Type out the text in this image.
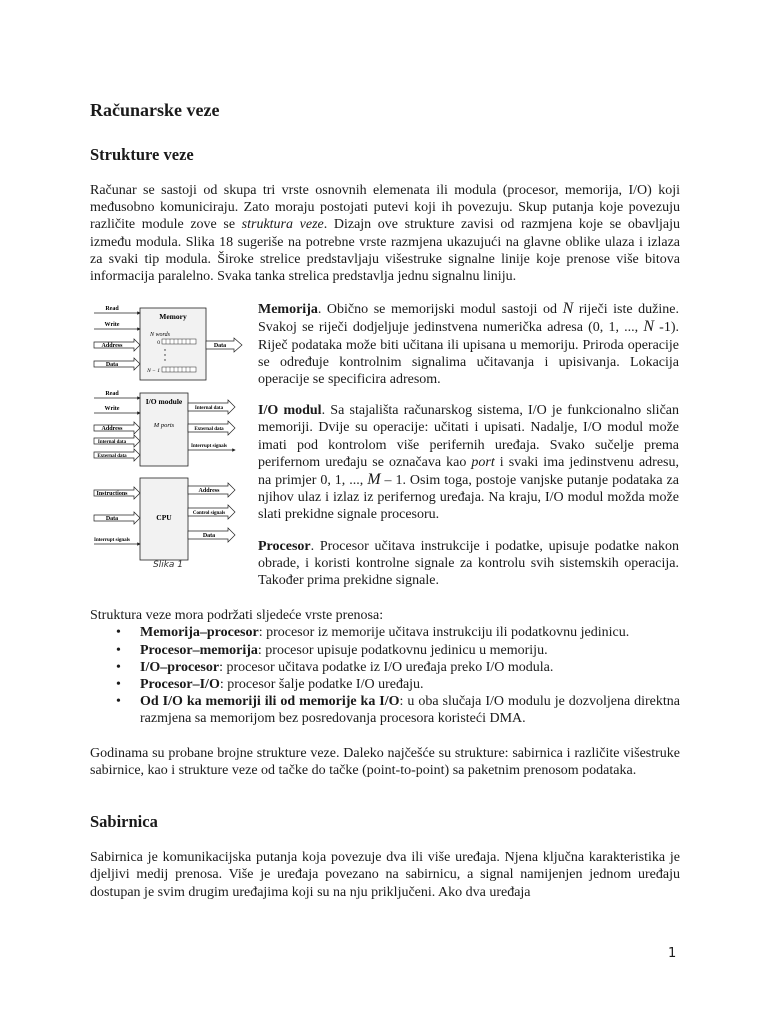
Računarske veze
Strukture veze

Računar se sastoji od skupa tri vrste osnovnih elemenata ili modula (procesor, memorija, I/O) koji međusobno komuniciraju. Zato moraju postojati putevi koji ih povezuju. Skup putanja koje povezuju različite module zove se struktura veze. Dizajn ove strukture zavisi od razmjena koje se obavljaju između modula. Slika 18 sugeriše na potrebne vrste razmjena ukazujući na glavne oblike ulaza i izlaza za svaki tip modula. Široke strelice predstavljaju višestruke signalne linije koje prenose više bitova informacija paralelno. Svaka tanka strelica predstavlja jednu signalnu liniju.

Memory
Read
Write
Address
Data
N words
0
N − 1
Data
I/O module
M ports
Read
Write
Address
Internal data
External data
Internal data
External data
Interrupt signals
CPU
Instructions
Data
Interrupt signals
Address
Control signals
Data
Slika 1

Memorija. Obično se memorijski modul sastoji od N riječi iste dužine. Svakoj se riječi dodjeljuje jedinstvena numerička adresa (0, 1, ..., N -1). Riječ podataka može biti učitana ili upisana u memoriju. Priroda operacije se određuje kontrolnim signalima učitavanja i upisivanja. Lokacija operacije se specificira adresom.

I/O modul. Sa stajališta računarskog sistema, I/O je funkcionalno sličan memoriji. Dvije su operacije: učitati i upisati. Nadalje, I/O modul može imati pod kontrolom više perifernih uređaja. Svako sučelje prema perifernom uređaju se označava kao port i svaki ima jedinstvenu adresu, na primjer 0, 1, ..., M – 1. Osim toga, postoje vanjske putanje podataka za njihov ulaz i izlaz iz perifernog uređaja. Na kraju, I/O modul možda može slati prekidne signale procesoru.

Procesor. Procesor učitava instrukcije i podatke, upisuje podatke nakon obrade, i koristi kontrolne signale za kontrolu svih sistemskih operacija. Također prima prekidne signale.

Struktura veze mora podržati sljedeće vrste prenosa:

• Memorija–procesor: procesor iz memorije učitava instrukciju ili podatkovnu jedinicu.
• Procesor–memorija: procesor upisuje podatkovnu jedinicu u memoriju.
• I/O–procesor: procesor učitava podatke iz I/O uređaja preko I/O modula.
• Procesor–I/O: procesor šalje podatke I/O uređaju.
• Od I/O ka memoriji ili od memorije ka I/O: u oba slučaja I/O modulu je dozvoljena direktna razmjena sa memorijom bez posredovanja procesora koristeći DMA.

Godinama su probane brojne strukture veze. Daleko najčešće su strukture: sabirnica i različite višestruke sabirnice, kao i strukture veze od tačke do tačke (point-to-point) sa paketnim prenosom podataka.

Sabirnica

Sabirnica je komunikacijska putanja koja povezuje dva ili više uređaja. Njena ključna karakteristika je djeljivi medij prenosa. Više je uređaja povezano na sabirnicu, a signal namijenjen jednom uređaju dostupan je svim drugim uređajima koji su na nju priključeni. Ako dva uređaja

1
